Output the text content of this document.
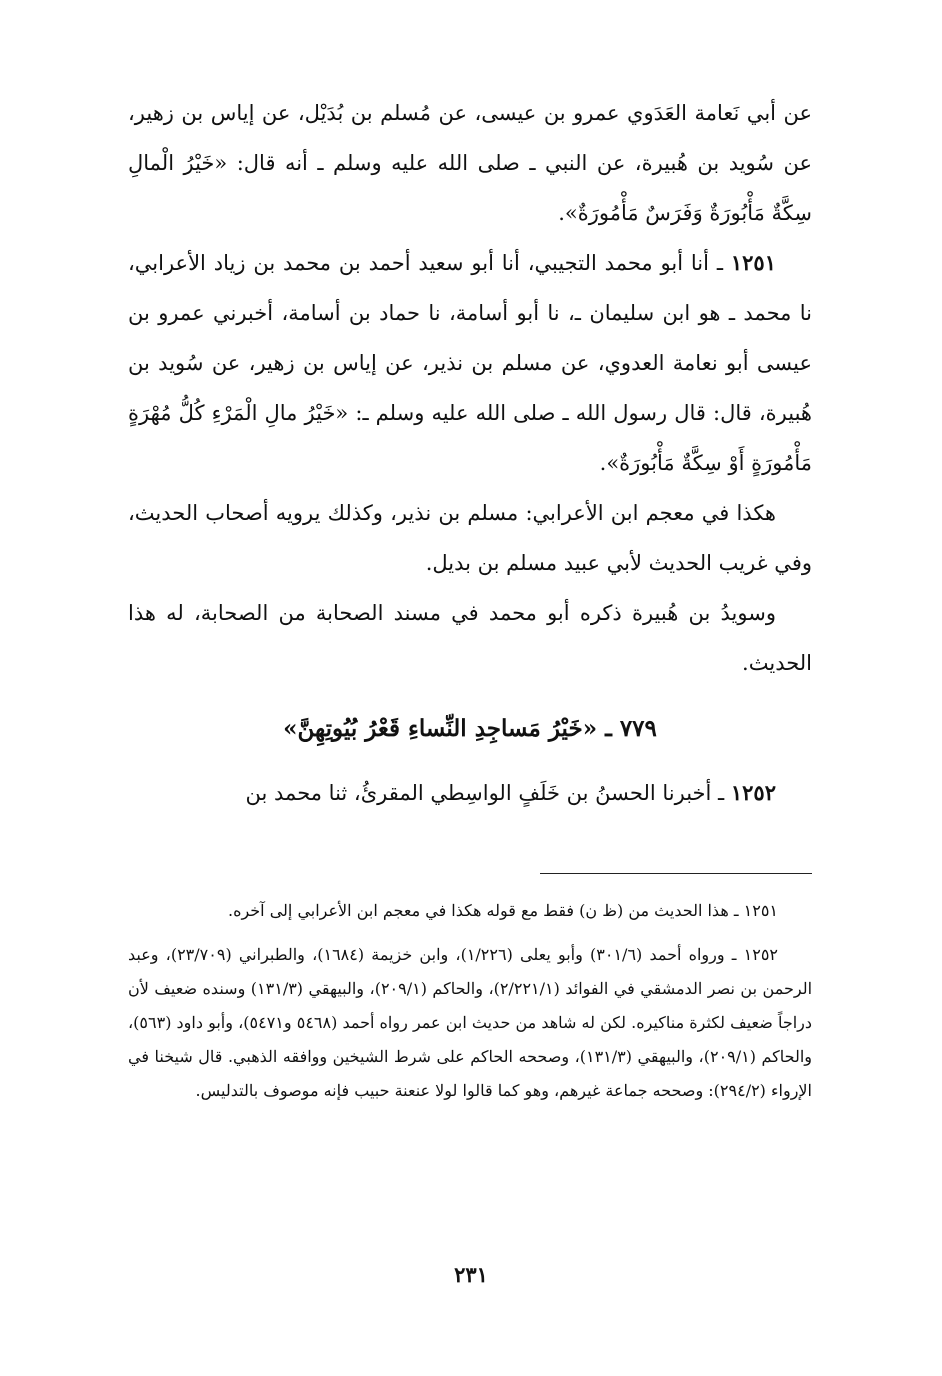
عن أبي نَعامة العَدَوي عمرو بن عيسى، عن مُسلم بن بُدَيْل، عن إياس بن زهير، عن سُويد بن هُبيرة، عن النبي ـ صلى الله عليه وسلم ـ أنه قال: «خَيْرُ الْمالِ سِكَّةٌ مَأْبُورَةٌ وَفَرَسٌ مَأْمُورَةٌ».

١٢٥١ ـ أنا أبو محمد التجيبي، أنا أبو سعيد أحمد بن محمد بن زياد الأعرابي، نا محمد ـ هو ابن سليمان ـ، نا أبو أسامة، نا حماد بن أسامة، أخبرني عمرو بن عيسى أبو نعامة العدوي، عن مسلم بن نذير، عن إياس بن زهير، عن سُويد بن هُبيرة، قال: قال رسول الله ـ صلى الله عليه وسلم ـ: «خَيْرُ مالِ الْمَرْءِ كُلُّ مُهْرَةٍ مَأْمُورَةٍ أَوْ سِكَّةٌ مَأْبُورَةٌ».

هكذا في معجم ابن الأعرابي: مسلم بن نذير، وكذلك يرويه أصحاب الحديث، وفي غريب الحديث لأبي عبيد مسلم بن بديل.

وسويدُ بن هُبيرة ذكره أبو محمد في مسند الصحابة من الصحابة، له هذا الحديث.

٧٧٩ ـ «خَيْرُ مَساجِدِ النِّساءِ قَعْرُ بُيُوتِهِنَّ»

١٢٥٢ ـ أخبرنا الحسنُ بن خَلَفٍ الواسِطي المقرئُ، ثنا محمد بن

١٢٥١ ـ هذا الحديث من (ظ ن) فقط مع قوله هكذا في معجم ابن الأعرابي إلى آخره.

١٢٥٢ ـ ورواه أحمد (٣٠١/٦) وأبو يعلى (١/٢٢٦)، وابن خزيمة (١٦٨٤)، والطبراني (٢٣/٧٠٩)، وعبد الرحمن بن نصر الدمشقي في الفوائد (٢/٢٢١/١)، والحاكم (٢٠٩/١)، والبيهقي (١٣١/٣) وسنده ضعيف لأن دراجاً ضعيف لكثرة مناكيره. لكن له شاهد من حديث ابن عمر رواه أحمد (٥٤٦٨ و٥٤٧١)، وأبو داود (٥٦٣)، والحاكم (٢٠٩/١)، والبيهقي (١٣١/٣)، وصححه الحاكم على شرط الشيخين ووافقه الذهبي. قال شيخنا في الإرواء (٢٩٤/٢): وصححه جماعة غيرهم، وهو كما قالوا لولا عنعنة حبيب فإنه موصوف بالتدليس.

٢٣١
